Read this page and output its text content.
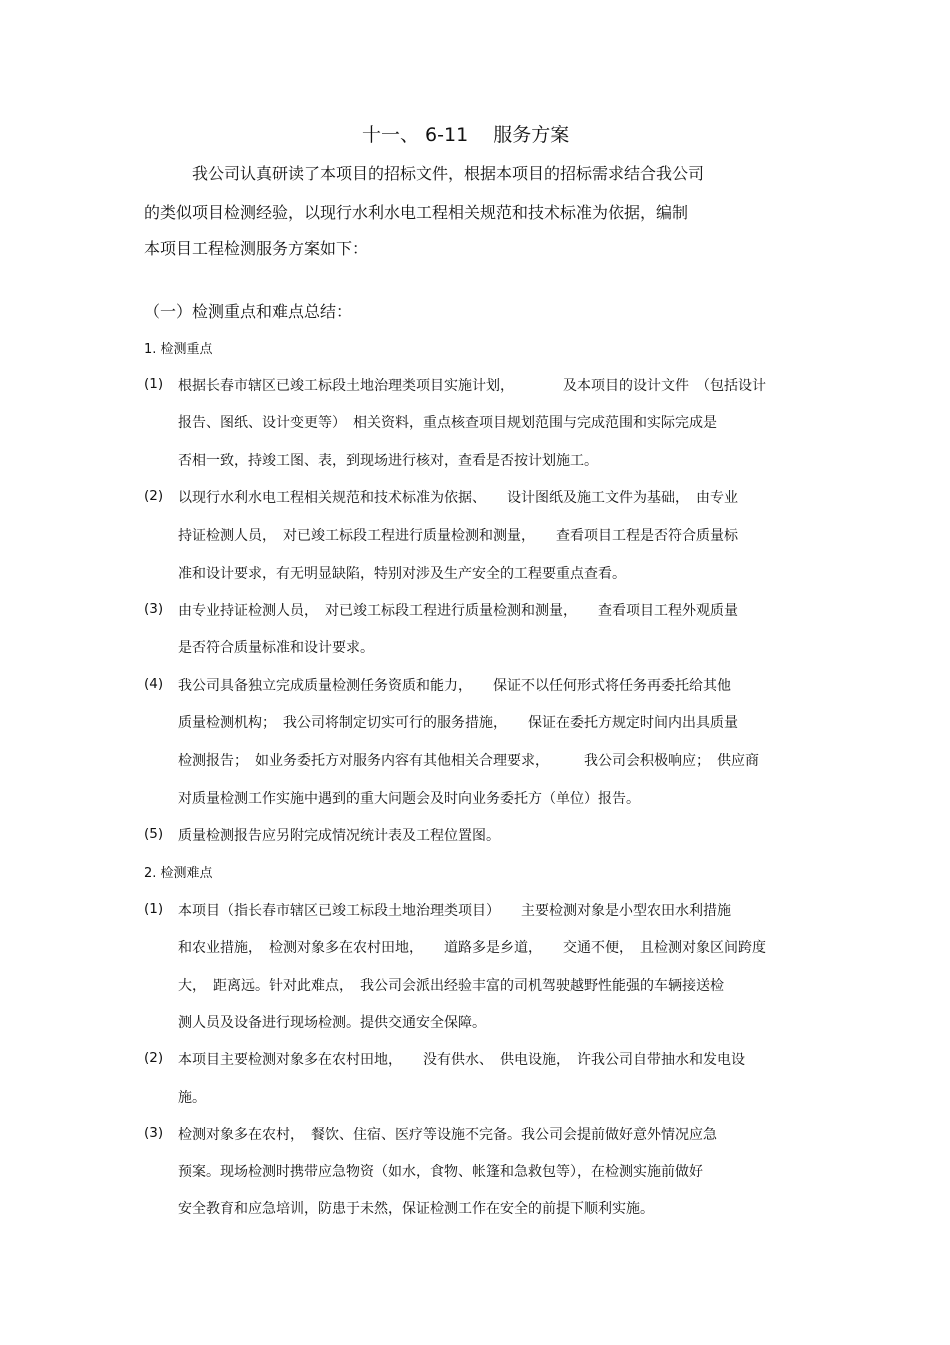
十一、 6-11　 服务方案
我公司认真研读了本项目的招标文件，根据本项目的招标需求结合我公司
的类似项目检测经验，以现行水利水电工程相关规范和技术标准为依据，编制
本项目工程检测服务方案如下：
（一）检测重点和难点总结：
1. 检测重点
(1) 根据长春市辖区已竣工标段土地治理类项目实施计划，　　　　及本项目的设计文件　（包括设计
报告、图纸、设计变更等）　相关资料，重点核查项目规划范围与完成范围和实际完成是
否相一致，持竣工图、表，到现场进行核对，查看是否按计划施工。
(2) 以现行水利水电工程相关规范和技术标准为依据、　　设计图纸及施工文件为基础，　由专业
持证检测人员，　对已竣工标段工程进行质量检测和测量，　　查看项目工程是否符合质量标
准和设计要求，有无明显缺陷，特别对涉及生产安全的工程要重点查看。
(3) 由专业持证检测人员，　对已竣工标段工程进行质量检测和测量，　　查看项目工程外观质量
是否符合质量标准和设计要求。
(4) 我公司具备独立完成质量检测任务资质和能力，　　保证不以任何形式将任务再委托给其他
质量检测机构；　我公司将制定切实可行的服务措施，　　保证在委托方规定时间内出具质量
检测报告；　如业务委托方对服务内容有其他相关合理要求，　　　我公司会积极响应；　供应商
对质量检测工作实施中遇到的重大问题会及时向业务委托方（单位）报告。
(5) 质量检测报告应另附完成情况统计表及工程位置图。
2. 检测难点
(1) 本项目（指长春市辖区已竣工标段土地治理类项目）　　主要检测对象是小型农田水利措施
和农业措施，　检测对象多在农村田地，　　道路多是乡道，　　交通不便，　且检测对象区间跨度
大，　距离远。针对此难点，　我公司会派出经验丰富的司机驾驶越野性能强的车辆接送检
测人员及设备进行现场检测。提供交通安全保障。
(2) 本项目主要检测对象多在农村田地，　　没有供水、　供电设施，　许我公司自带抽水和发电设
施。
(3) 检测对象多在农村，　餐饮、住宿、医疗等设施不完备。我公司会提前做好意外情况应急
预案。现场检测时携带应急物资（如水，食物、帐篷和急救包等），在检测实施前做好
安全教育和应急培训，防患于未然，保证检测工作在安全的前提下顺利实施。
